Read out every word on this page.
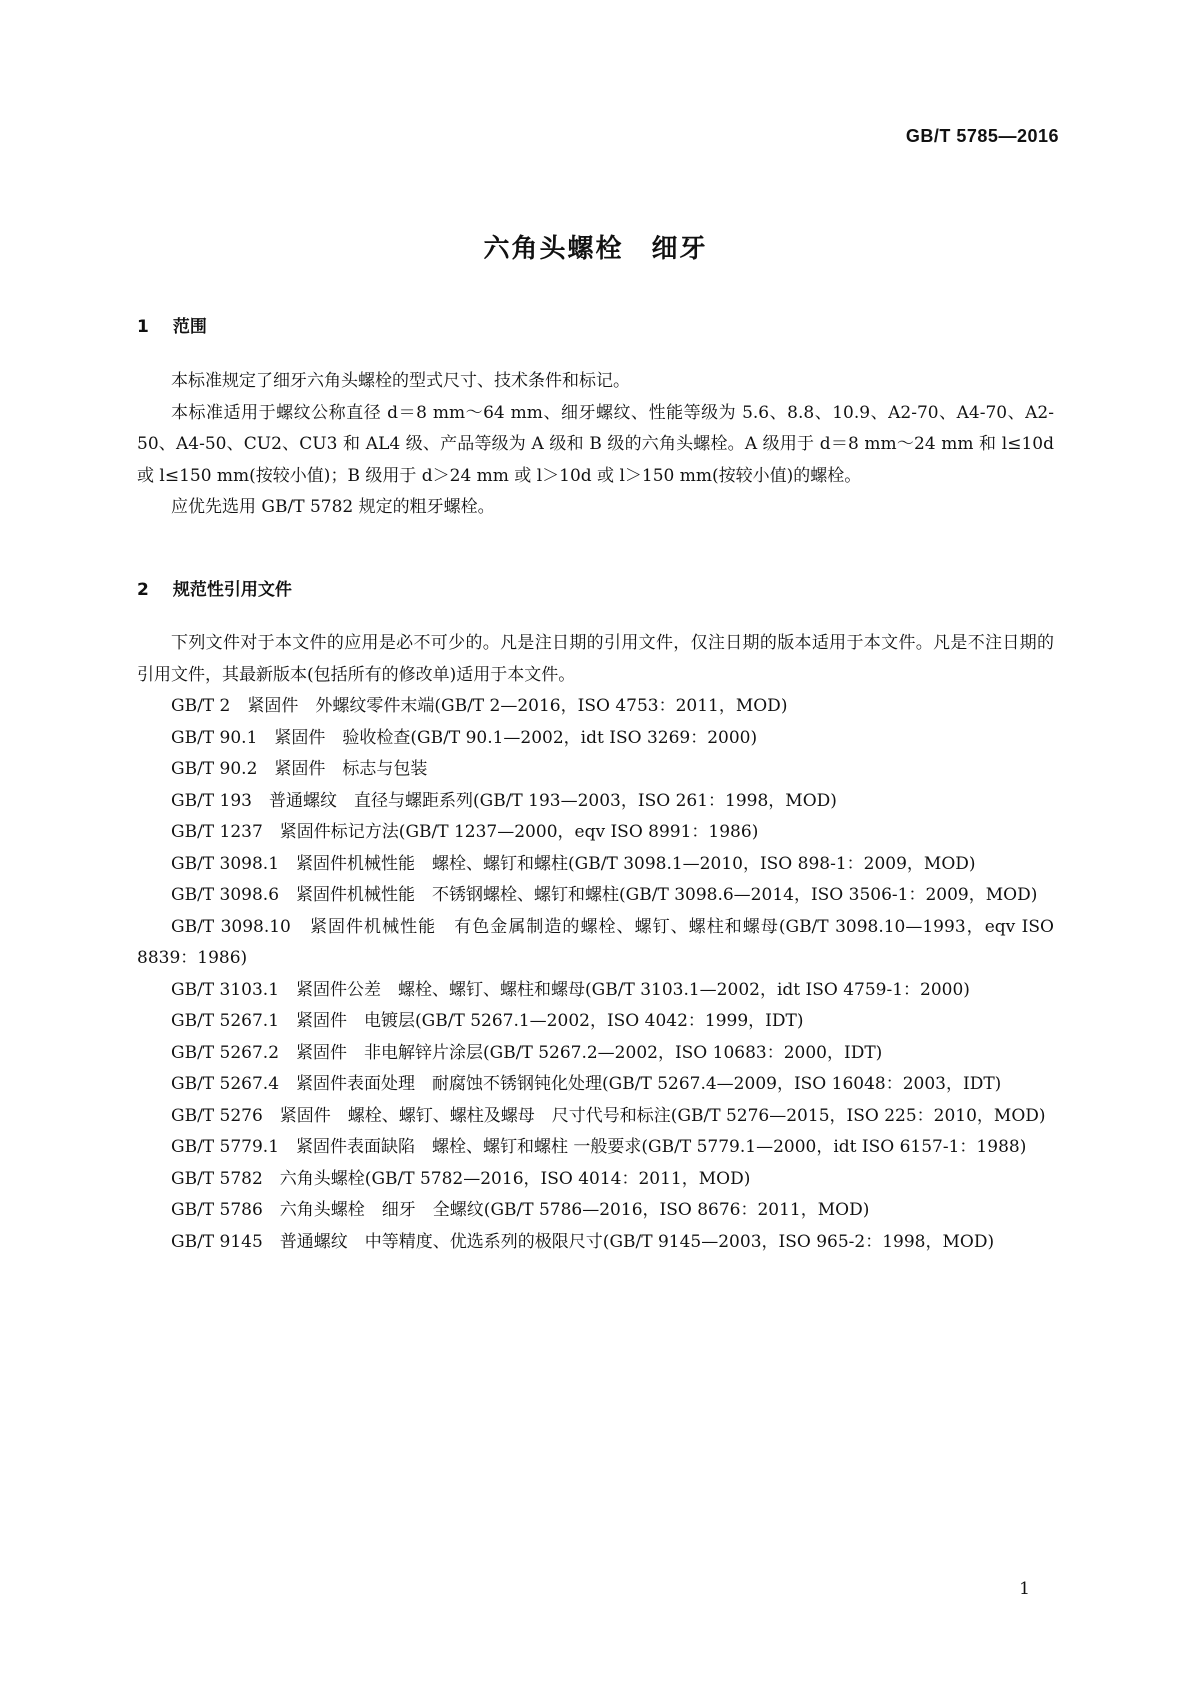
GB/T 5785—2016
六角头螺栓　细牙
1 范围

本标准规定了细牙六角头螺栓的型式尺寸、技术条件和标记。

本标准适用于螺纹公称直径 d＝8 mm～64 mm、细牙螺纹、性能等级为 5.6、8.8、10.9、A2-70、A4-70、A2-50、A4-50、CU2、CU3 和 AL4 级、产品等级为 A 级和 B 级的六角头螺栓。A 级用于 d＝8 mm～24 mm 和 l≤10d 或 l≤150 mm(按较小值)；B 级用于 d＞24 mm 或 l＞10d 或 l＞150 mm(按较小值)的螺栓。

应优先选用 GB/T 5782 规定的粗牙螺栓。

2 规范性引用文件

下列文件对于本文件的应用是必不可少的。凡是注日期的引用文件，仅注日期的版本适用于本文件。凡是不注日期的引用文件，其最新版本(包括所有的修改单)适用于本文件。

GB/T 2　紧固件　外螺纹零件末端(GB/T 2—2016，ISO 4753：2011，MOD)

GB/T 90.1　紧固件　验收检查(GB/T 90.1—2002，idt ISO 3269：2000)

GB/T 90.2　紧固件　标志与包装

GB/T 193　普通螺纹　直径与螺距系列(GB/T 193—2003，ISO 261：1998，MOD)

GB/T 1237　紧固件标记方法(GB/T 1237—2000，eqv ISO 8991：1986)

GB/T 3098.1　紧固件机械性能　螺栓、螺钉和螺柱(GB/T 3098.1—2010，ISO 898-1：2009，MOD)

GB/T 3098.6　紧固件机械性能　不锈钢螺栓、螺钉和螺柱(GB/T 3098.6—2014，ISO 3506-1：2009，MOD)

GB/T 3098.10　紧固件机械性能　有色金属制造的螺栓、螺钉、螺柱和螺母(GB/T 3098.10—1993，eqv ISO 8839：1986)

GB/T 3103.1　紧固件公差　螺栓、螺钉、螺柱和螺母(GB/T 3103.1—2002，idt ISO 4759-1：2000)

GB/T 5267.1　紧固件　电镀层(GB/T 5267.1—2002，ISO 4042：1999，IDT)

GB/T 5267.2　紧固件　非电解锌片涂层(GB/T 5267.2—2002，ISO 10683：2000，IDT)

GB/T 5267.4　紧固件表面处理　耐腐蚀不锈钢钝化处理(GB/T 5267.4—2009，ISO 16048：2003，IDT)

GB/T 5276　紧固件　螺栓、螺钉、螺柱及螺母　尺寸代号和标注(GB/T 5276—2015，ISO 225：2010，MOD)

GB/T 5779.1　紧固件表面缺陷　螺栓、螺钉和螺柱 一般要求(GB/T 5779.1—2000，idt ISO 6157-1：1988)

GB/T 5782　六角头螺栓(GB/T 5782—2016，ISO 4014：2011，MOD)

GB/T 5786　六角头螺栓　细牙　全螺纹(GB/T 5786—2016，ISO 8676：2011，MOD)

GB/T 9145　普通螺纹　中等精度、优选系列的极限尺寸(GB/T 9145—2003，ISO 965-2：1998，MOD)

1
